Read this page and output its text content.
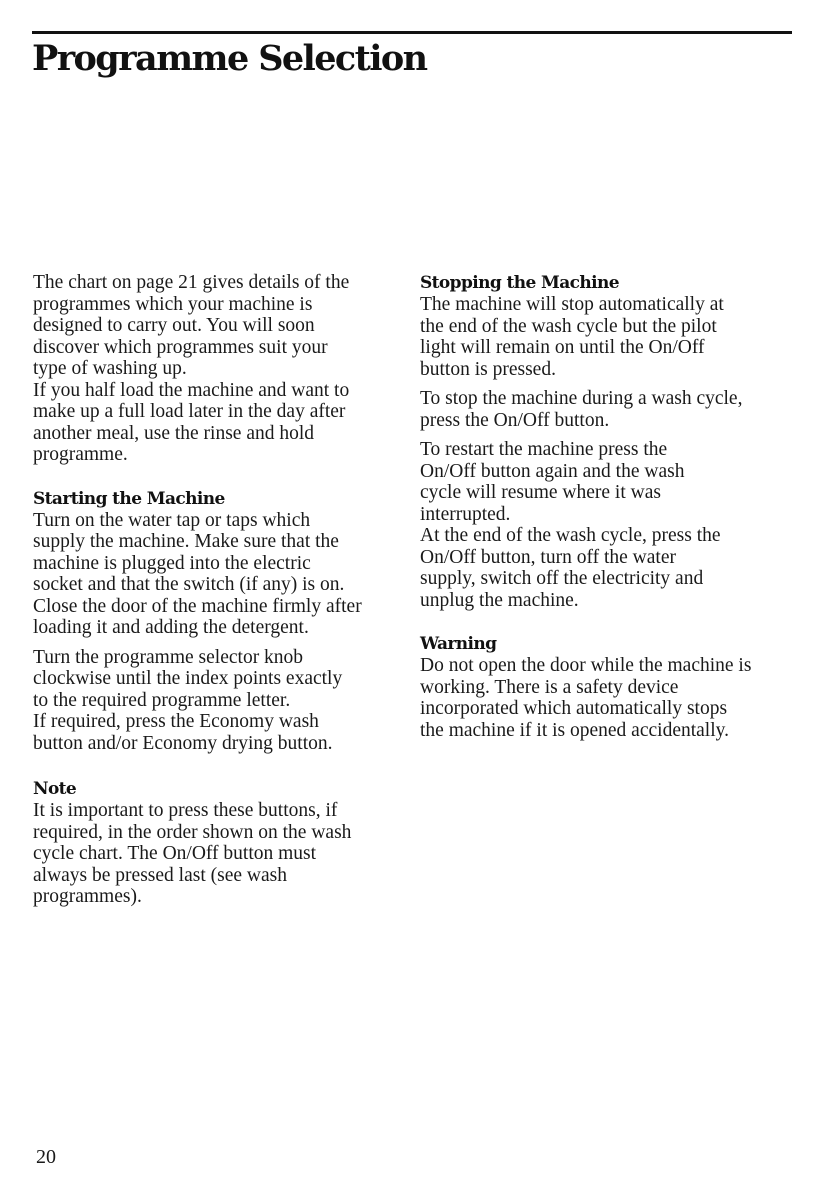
Programme Selection

The chart on page 21 gives details of the
programmes which your machine is
designed to carry out. You will soon
discover which programmes suit your
type of washing up.
If you half load the machine and want to
make up a full load later in the day after
another meal, use the rinse and hold
programme.

Starting the Machine

Turn on the water tap or taps which
supply the machine. Make sure that the
machine is plugged into the electric
socket and that the switch (if any) is on.
Close the door of the machine firmly after
loading it and adding the detergent.

Turn the programme selector knob
clockwise until the index points exactly
to the required programme letter.
If required, press the Economy wash
button and/or Economy drying button.

Note

It is important to press these buttons, if
required, in the order shown on the wash
cycle chart. The On/Off button must
always be pressed last (see wash
programmes).

Stopping the Machine

The machine will stop automatically at
the end of the wash cycle but the pilot
light will remain on until the On/Off
button is pressed.

To stop the machine during a wash cycle,
press the On/Off button.

To restart the machine press the
On/Off button again and the wash
cycle will resume where it was
interrupted.
At the end of the wash cycle, press the
On/Off button, turn off the water
supply, switch off the electricity and
unplug the machine.

Warning

Do not open the door while the machine is
working. There is a safety device
incorporated which automatically stops
the machine if it is opened accidentally.

20
